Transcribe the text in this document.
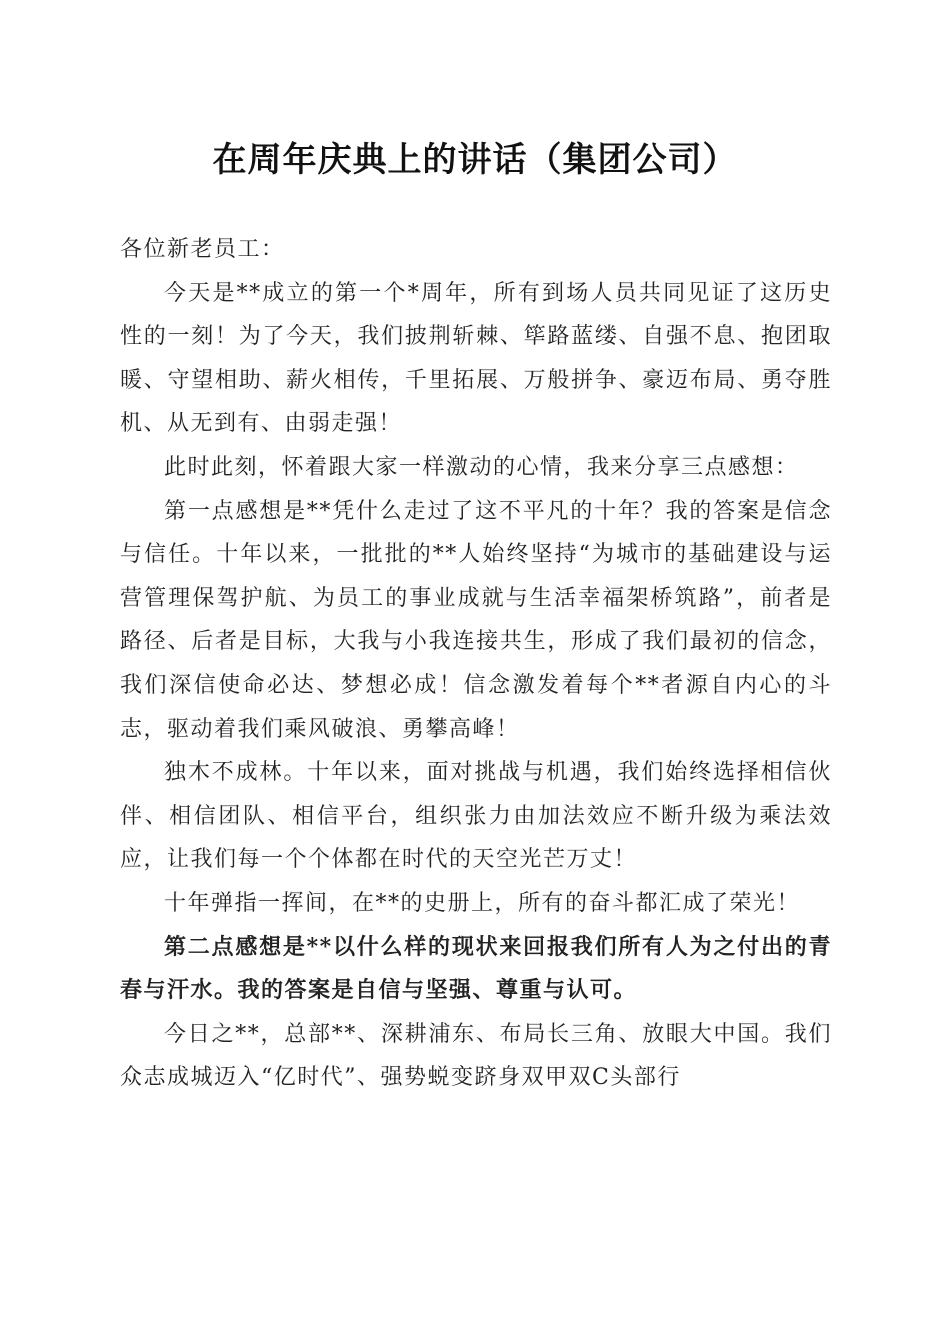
在周年庆典上的讲话（集团公司）

各位新老员工：

今天是**成立的第一个*周年，所有到场人员共同见证了这历史性的一刻！为了今天，我们披荆斩棘、筚路蓝缕、自强不息、抱团取暖、守望相助、薪火相传，千里拓展、万般拼争、豪迈布局、勇夺胜机、从无到有、由弱走强！

此时此刻，怀着跟大家一样激动的心情，我来分享三点感想：

第一点感想是**凭什么走过了这不平凡的十年？我的答案是信念与信任。十年以来，一批批的**人始终坚持“为城市的基础建设与运营管理保驾护航、为员工的事业成就与生活幸福架桥筑路”，前者是路径、后者是目标，大我与小我连接共生，形成了我们最初的信念，我们深信使命必达、梦想必成！信念激发着每个**者源自内心的斗志，驱动着我们乘风破浪、勇攀高峰！

独木不成林。十年以来，面对挑战与机遇，我们始终选择相信伙伴、相信团队、相信平台，组织张力由加法效应不断升级为乘法效应，让我们每一个个体都在时代的天空光芒万丈！

十年弹指一挥间，在**的史册上，所有的奋斗都汇成了荣光！

第二点感想是**以什么样的现状来回报我们所有人为之付出的青春与汗水。我的答案是自信与坚强、尊重与认可。

今日之**，总部**、深耕浦东、布局长三角、放眼大中国。我们众志成城迈入“亿时代”、强势蜕变跻身双甲双C头部行
